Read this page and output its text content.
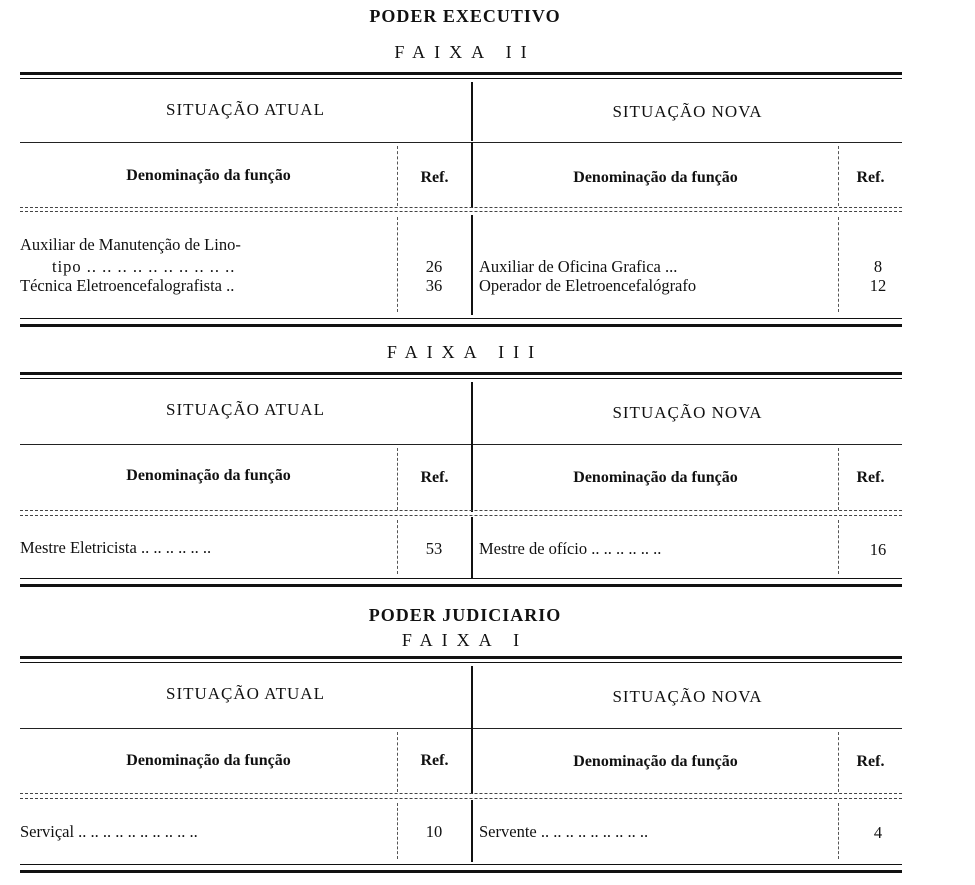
PODER EXECUTIVO
FAIXA II
SITUAÇÃO ATUAL	SITUAÇÃO NOVA
Denominação da função	Ref.	Denominação da função	Ref.
Auxiliar de Manutenção de Lino-
tipo .. .. .. .. .. .. .. .. .. ..	26	Auxiliar de Oficina Grafica ...	8
Técnica Eletroencefalografista ..	36	Operador de Eletroencefalógrafo	12
FAIXA III
SITUAÇÃO ATUAL	SITUAÇÃO NOVA
Denominação da função	Ref.	Denominação da função	Ref.
Mestre Eletricista .. .. .. .. .. ..	53	Mestre de ofício .. .. .. .. .. ..	16
PODER JUDICIARIO
FAIXA I
SITUAÇÃO ATUAL	SITUAÇÃO NOVA
Denominação da função	Ref.	Denominação da função	Ref.
Serviçal .. .. .. .. .. .. .. .. .. ..	10	Servente .. .. .. .. .. .. .. .. ..	4
